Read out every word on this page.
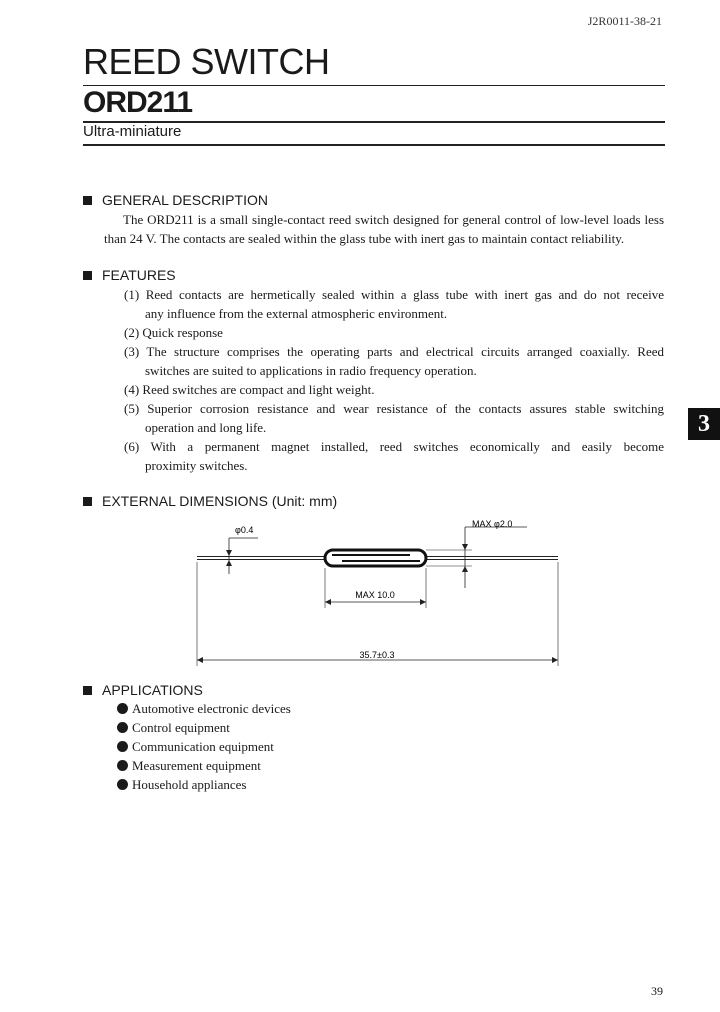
J2R0011-38-21
REED SWITCH
ORD211
Ultra-miniature
GENERAL DESCRIPTION
The ORD211 is a small single-contact reed switch designed for general control of low-level loads less than 24 V. The contacts are sealed within the glass tube with inert gas to maintain contact reliability.
FEATURES
(1) Reed contacts are hermetically sealed within a glass tube with inert gas and do not receive
any influence from the external atmospheric environment.
(2) Quick response
(3) The structure comprises the operating parts and electrical circuits arranged coaxially. Reed
switches are suited to applications in radio frequency operation.
(4) Reed switches are compact and light weight.
(5) Superior corrosion resistance and wear resistance of the contacts assures stable switching
operation and long life.
(6) With a permanent magnet installed, reed switches economically and easily become
proximity switches.
3
EXTERNAL DIMENSIONS (Unit: mm)
φ0.4
MAX φ2.0
MAX 10.0
35.7±0.3
APPLICATIONS
Automotive electronic devices
Control equipment
Communication equipment
Measurement equipment
Household appliances
39
